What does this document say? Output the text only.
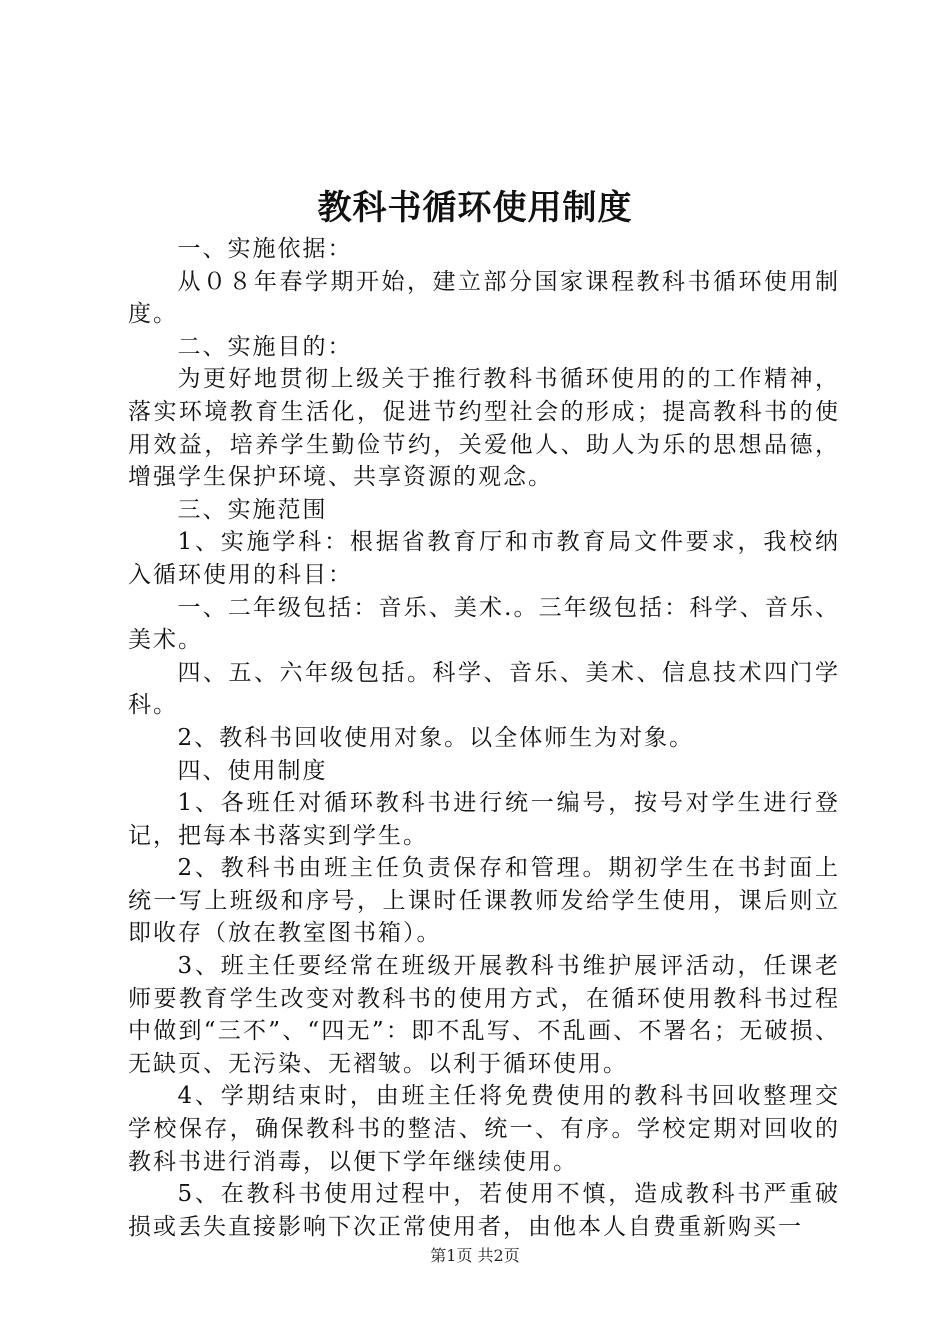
教科书循环使用制度

一、实施依据：

从０８年春学期开始，建立部分国家课程教科书循环使用制度。

二、实施目的：

为更好地贯彻上级关于推行教科书循环使用的的工作精神，落实环境教育生活化，促进节约型社会的形成；提高教科书的使用效益，培养学生勤俭节约，关爱他人、助人为乐的思想品德，增强学生保护环境、共享资源的观念。

三、实施范围

1、实施学科：根据省教育厅和市教育局文件要求，我校纳入循环使用的科目：

一、二年级包括：音乐、美术.。三年级包括：科学、音乐、美术。

四、五、六年级包括。科学、音乐、美术、信息技术四门学科。

2、教科书回收使用对象。以全体师生为对象。

四、使用制度

1、各班任对循环教科书进行统一编号，按号对学生进行登记，把每本书落实到学生。

2、教科书由班主任负责保存和管理。期初学生在书封面上统一写上班级和序号，上课时任课教师发给学生使用，课后则立即收存（放在教室图书箱）。

3、班主任要经常在班级开展教科书维护展评活动，任课老师要教育学生改变对教科书的使用方式，在循环使用教科书过程中做到“三不”、“四无”：即不乱写、不乱画、不署名；无破损、无缺页、无污染、无褶皱。以利于循环使用。

4、学期结束时，由班主任将免费使用的教科书回收整理交学校保存，确保教科书的整洁、统一、有序。学校定期对回收的教科书进行消毒，以便下学年继续使用。

5、在教科书使用过程中，若使用不慎，造成教科书严重破损或丢失直接影响下次正常使用者，由他本人自费重新购买一

第1页 共2页
